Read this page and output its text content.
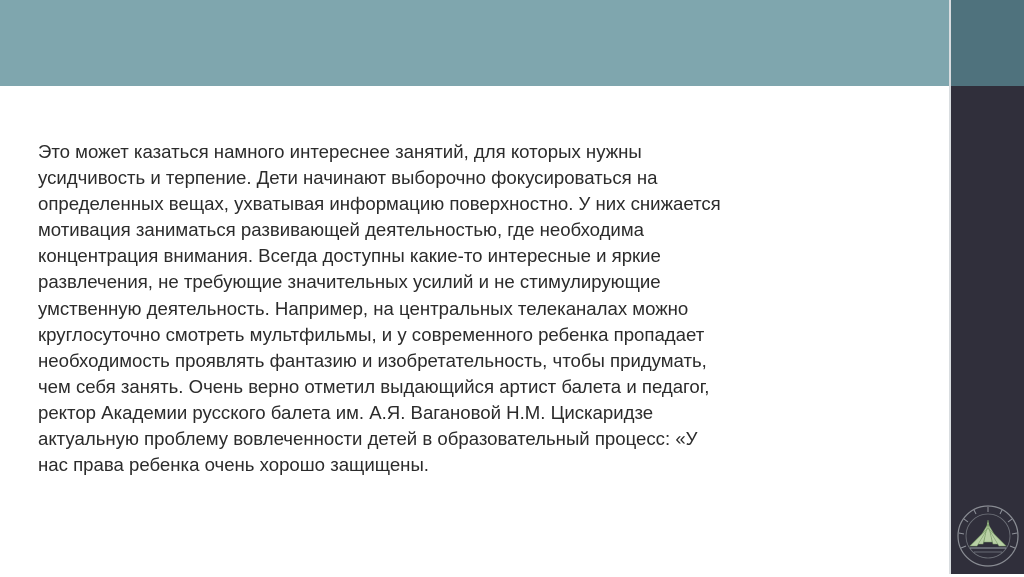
Это может казаться намного интереснее занятий, для которых нужны
усидчивость и терпение. Дети начинают выборочно фокусироваться на
определенных вещах, ухватывая информацию поверхностно. У них снижается
мотивация заниматься развивающей деятельностью, где необходима
концентрация внимания. Всегда доступны какие-то интересные и яркие
развлечения, не требующие значительных усилий и не стимулирующие
умственную деятельность. Например, на центральных телеканалах можно
круглосуточно смотреть мультфильмы, и у современного ребенка пропадает
необходимость проявлять фантазию и изобретательность, чтобы придумать,
чем себя занять. Очень верно отметил выдающийся артист балета и педагог,
ректор Академии русского балета им. А.Я. Вагановой Н.М. Цискаридзе
актуальную проблему вовлеченности детей в образовательный процесс: «У
нас права ребенка очень хорошо защищены.
